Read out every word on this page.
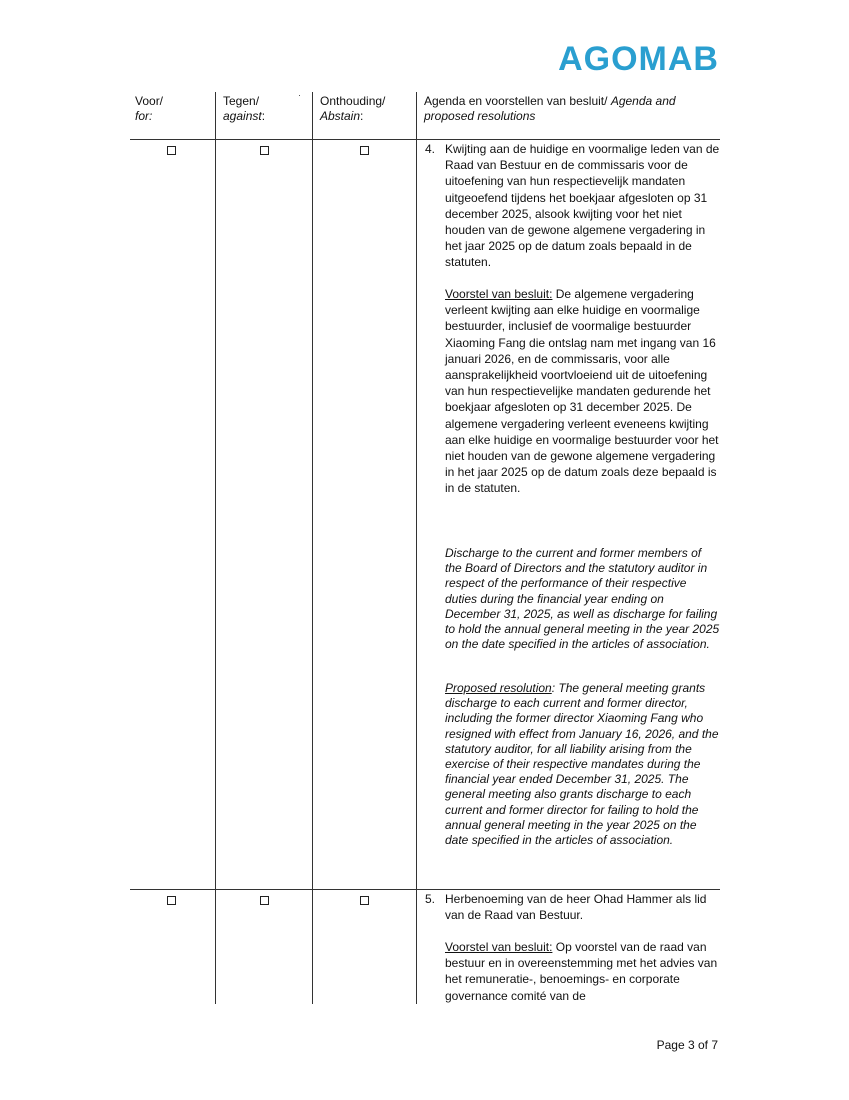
AGOMAB
Voor/
for:
Tegen/
against:
Onthouding/
Abstain:
Agenda en voorstellen van besluit/ Agenda and
proposed resolutions
4. Kwijting aan de huidige en voormalige leden van de Raad van Bestuur en de commissaris voor de uitoefening van hun respectievelijk mandaten uitgeoefend tijdens het boekjaar afgesloten op 31 december 2025, alsook kwijting voor het niet houden van de gewone algemene vergadering in het jaar 2025 op de datum zoals bepaald in de statuten.

Voorstel van besluit: De algemene vergadering verleent kwijting aan elke huidige en voormalige bestuurder, inclusief de voormalige bestuurder Xiaoming Fang die ontslag nam met ingang van 16 januari 2026, en de commissaris, voor alle aansprakelijkheid voortvloeiend uit de uitoefening van hun respectievelijke mandaten gedurende het boekjaar afgesloten op 31 december 2025. De algemene vergadering verleent eveneens kwijting aan elke huidige en voormalige bestuurder voor het niet houden van de gewone algemene vergadering in het jaar 2025 op de datum zoals deze bepaald is in de statuten.

Discharge to the current and former members of the Board of Directors and the statutory auditor in respect of the performance of their respective duties during the financial year ending on December 31, 2025, as well as discharge for failing to hold the annual general meeting in the year 2025 on the date specified in the articles of association.

Proposed resolution: The general meeting grants discharge to each current and former director, including the former director Xiaoming Fang who resigned with effect from January 16, 2026, and the statutory auditor, for all liability arising from the exercise of their respective mandates during the financial year ended December 31, 2025. The general meeting also grants discharge to each current and former director for failing to hold the annual general meeting in the year 2025 on the date specified in the articles of association.

5. Herbenoeming van de heer Ohad Hammer als lid van de Raad van Bestuur.

Voorstel van besluit: Op voorstel van de raad van bestuur en in overeenstemming met het advies van het remuneratie-, benoemings- en corporate governance comité van de

Page 3 of 7
